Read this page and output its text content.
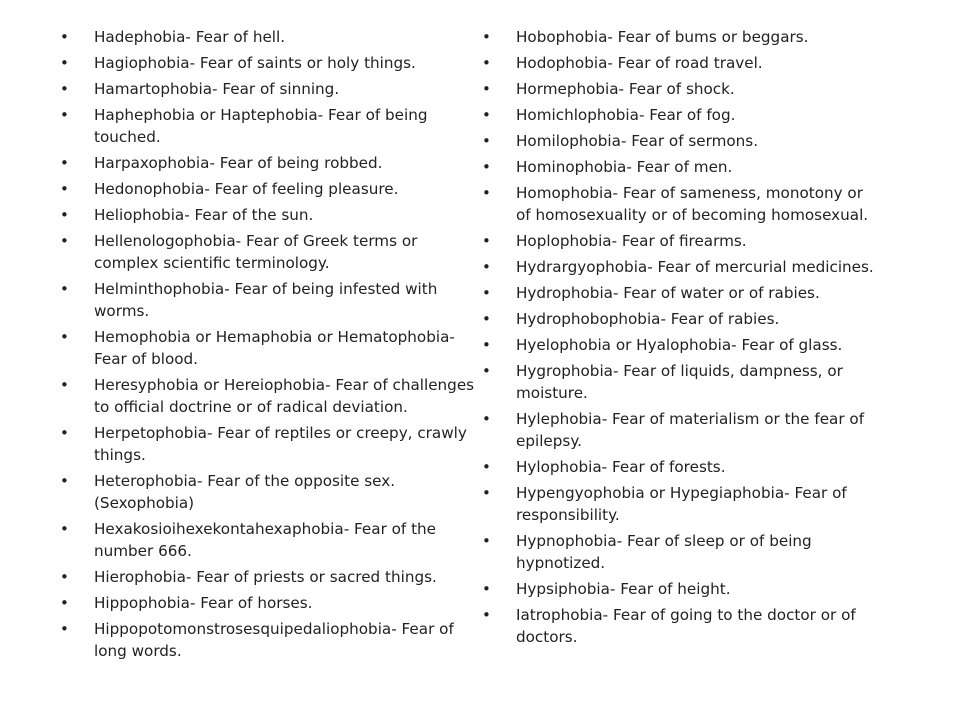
• Hadephobia- Fear of hell.
• Hagiophobia- Fear of saints or holy things.
• Hamartophobia- Fear of sinning.
• Haphephobia or Haptephobia- Fear of being touched.
• Harpaxophobia- Fear of being robbed.
• Hedonophobia- Fear of feeling pleasure.
• Heliophobia- Fear of the sun.
• Hellenologophobia- Fear of Greek terms or complex scientific terminology.
• Helminthophobia- Fear of being infested with worms.
• Hemophobia or Hemaphobia or Hematophobia- Fear of blood.
• Heresyphobia or Hereiophobia- Fear of challenges to official doctrine or of radical deviation.
• Herpetophobia- Fear of reptiles or creepy, crawly things.
• Heterophobia- Fear of the opposite sex. (Sexophobia)
• Hexakosioihexekontahexaphobia- Fear of the number 666.
• Hierophobia- Fear of priests or sacred things.
• Hippophobia- Fear of horses.
• Hippopotomonstrosesquipedaliophobia- Fear of long words.
• Hobophobia- Fear of bums or beggars.
• Hodophobia- Fear of road travel.
• Hormephobia- Fear of shock.
• Homichlophobia- Fear of fog.
• Homilophobia- Fear of sermons.
• Hominophobia- Fear of men.
• Homophobia- Fear of sameness, monotony or of homosexuality or of becoming homosexual.
• Hoplophobia- Fear of firearms.
• Hydrargyophobia- Fear of mercurial medicines.
• Hydrophobia- Fear of water or of rabies.
• Hydrophobophobia- Fear of rabies.
• Hyelophobia or Hyalophobia- Fear of glass.
• Hygrophobia- Fear of liquids, dampness, or moisture.
• Hylephobia- Fear of materialism or the fear of epilepsy.
• Hylophobia- Fear of forests.
• Hypengyophobia or Hypegiaphobia- Fear of responsibility.
• Hypnophobia- Fear of sleep or of being hypnotized.
• Hypsiphobia- Fear of height.
• Iatrophobia- Fear of going to the doctor or of doctors.
